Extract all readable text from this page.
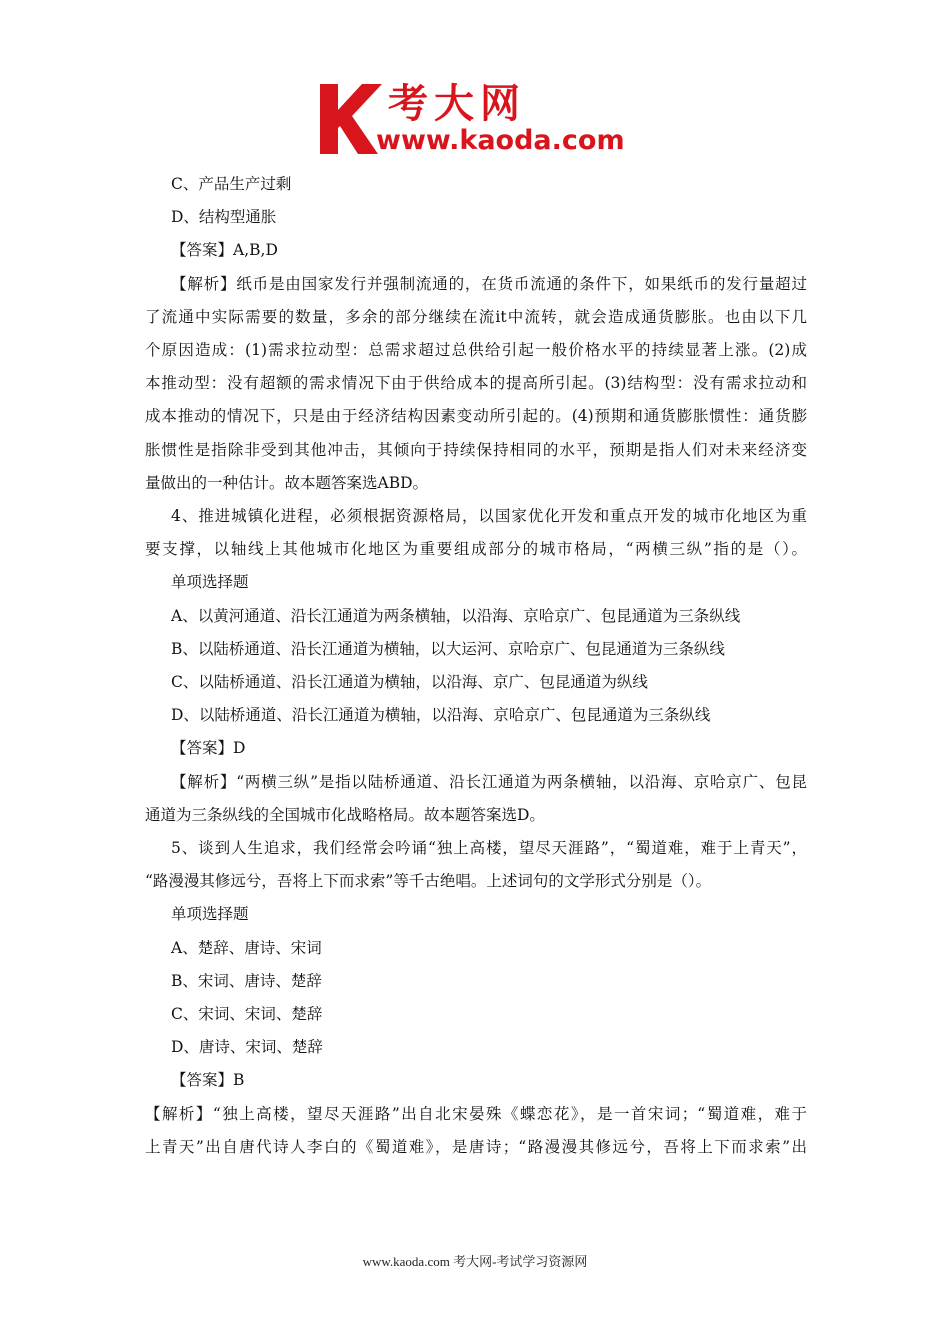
考大网
www.kaoda.com
C、产品生产过剩
D、结构型通胀
【答案】A,B,D
【解析】纸币是由国家发行并强制流通的，在货币流通的条件下，如果纸币的发行量超过
了流通中实际需要的数量，多余的部分继续在流it中流转，就会造成通货膨胀。也由以下几
个原因造成：(1)需求拉动型：总需求超过总供给引起一般价格水平的持续显著上涨。(2)成
本推动型：没有超额的需求情况下由于供给成本的提高所引起。(3)结构型：没有需求拉动和
成本推动的情况下，只是由于经济结构因素变动所引起的。(4)预期和通货膨胀惯性：通货膨
胀惯性是指除非受到其他冲击，其倾向于持续保持相同的水平，预期是指人们对未来经济变
量做出的一种估计。故本题答案选ABD。
4、推进城镇化进程，必须根据资源格局，以国家优化开发和重点开发的城市化地区为重
要支撑，以轴线上其他城市化地区为重要组成部分的城市格局，“两横三纵”指的是（）。
单项选择题
A、以黄河通道、沿长江通道为两条横轴，以沿海、京哈京广、包昆通道为三条纵线
B、以陆桥通道、沿长江通道为横轴，以大运河、京哈京广、包昆通道为三条纵线
C、以陆桥通道、沿长江通道为横轴，以沿海、京广、包昆通道为纵线
D、以陆桥通道、沿长江通道为横轴，以沿海、京哈京广、包昆通道为三条纵线
【答案】D
【解析】“两横三纵”是指以陆桥通道、沿长江通道为两条横轴，以沿海、京哈京广、包昆
通道为三条纵线的全国城市化战略格局。故本题答案选D。
5、谈到人生追求，我们经常会吟诵“独上高楼，望尽天涯路”，“蜀道难，难于上青天”，
“路漫漫其修远兮，吾将上下而求索”等千古绝唱。上述词句的文学形式分别是（）。
单项选择题
A、楚辞、唐诗、宋词
B、宋词、唐诗、楚辞
C、宋词、宋词、楚辞
D、唐诗、宋词、楚辞
【答案】B
【解析】“独上高楼，望尽天涯路”出自北宋晏殊《蝶恋花》，是一首宋词；“蜀道难，难于
上青天”出自唐代诗人李白的《蜀道难》，是唐诗；“路漫漫其修远兮，吾将上下而求索”出
www.kaoda.com 考大网-考试学习资源网
